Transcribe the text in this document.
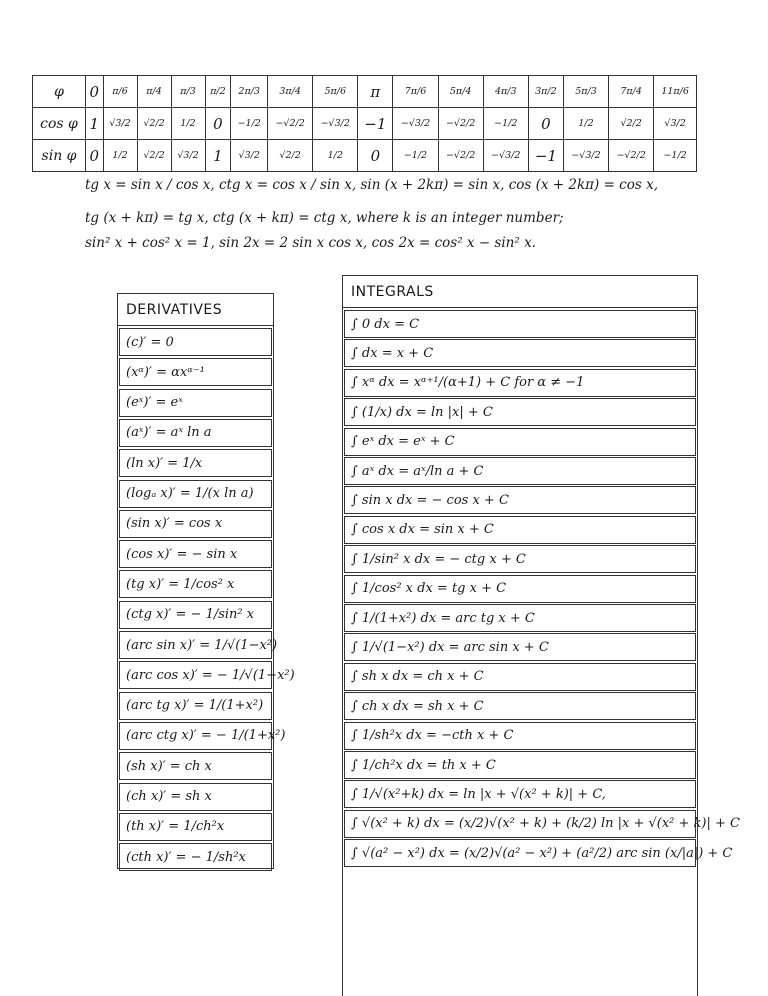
φ	0	π/6	π/4	π/3	π/2	2π/3	3π/4	5π/6	π	7π/6	5π/4	4π/3	3π/2	5π/3	7π/4	11π/6
cos φ	1	√3/2	√2/2	1/2	0	−1/2	−√2/2	−√3/2	−1	−√3/2	−√2/2	−1/2	0	1/2	√2/2	√3/2
sin φ	0	1/2	√2/2	√3/2	1	√3/2	√2/2	1/2	0	−1/2	−√2/2	−√3/2	−1	−√3/2	−√2/2	−1/2
tg x = sin x / cos x, ctg x = cos x / sin x, sin (x + 2kπ) = sin x, cos (x + 2kπ) = cos x,
tg (x + kπ) = tg x, ctg (x + kπ) = ctg x, where k is an integer number;
sin² x + cos² x = 1, sin 2x = 2 sin x cos x, cos 2x = cos² x − sin² x.
DERIVATIVES
(c)′ = 0
(xᵅ)′ = αxᵅ⁻¹
(eˣ)′ = eˣ
(aˣ)′ = aˣ ln a
(ln x)′ = 1/x
(logₐ x)′ = 1/(x ln a)
(sin x)′ = cos x
(cos x)′ = − sin x
(tg x)′ = 1/cos² x
(ctg x)′ = − 1/sin² x
(arc sin x)′ = 1/√(1−x²)
(arc cos x)′ = − 1/√(1−x²)
(arc tg x)′ = 1/(1+x²)
(arc ctg x)′ = − 1/(1+x²)
(sh x)′ = ch x
(ch x)′ = sh x
(th x)′ = 1/ch²x
(cth x)′ = − 1/sh²x
INTEGRALS
∫ 0 dx = C
∫ dx = x + C
∫ xᵅ dx = xᵅ⁺¹/(α+1) + C for α ≠ −1
∫ (1/x) dx = ln |x| + C
∫ eˣ dx = eˣ + C
∫ aˣ dx = aˣ/ln a + C
∫ sin x dx = − cos x + C
∫ cos x dx = sin x + C
∫ 1/sin² x dx = − ctg x + C
∫ 1/cos² x dx = tg x + C
∫ 1/(1+x²) dx = arc tg x + C
∫ 1/√(1−x²) dx = arc sin x + C
∫ sh x dx = ch x + C
∫ ch x dx = sh x + C
∫ 1/sh²x dx = −cth x + C
∫ 1/ch²x dx = th x + C
∫ 1/√(x²+k) dx = ln |x + √(x² + k)| + C,
∫ √(x² + k) dx = (x/2)√(x² + k) + (k/2) ln |x + √(x² + k)| + C
∫ √(a² − x²) dx = (x/2)√(a² − x²) + (a²/2) arc sin (x/|a|) + C
